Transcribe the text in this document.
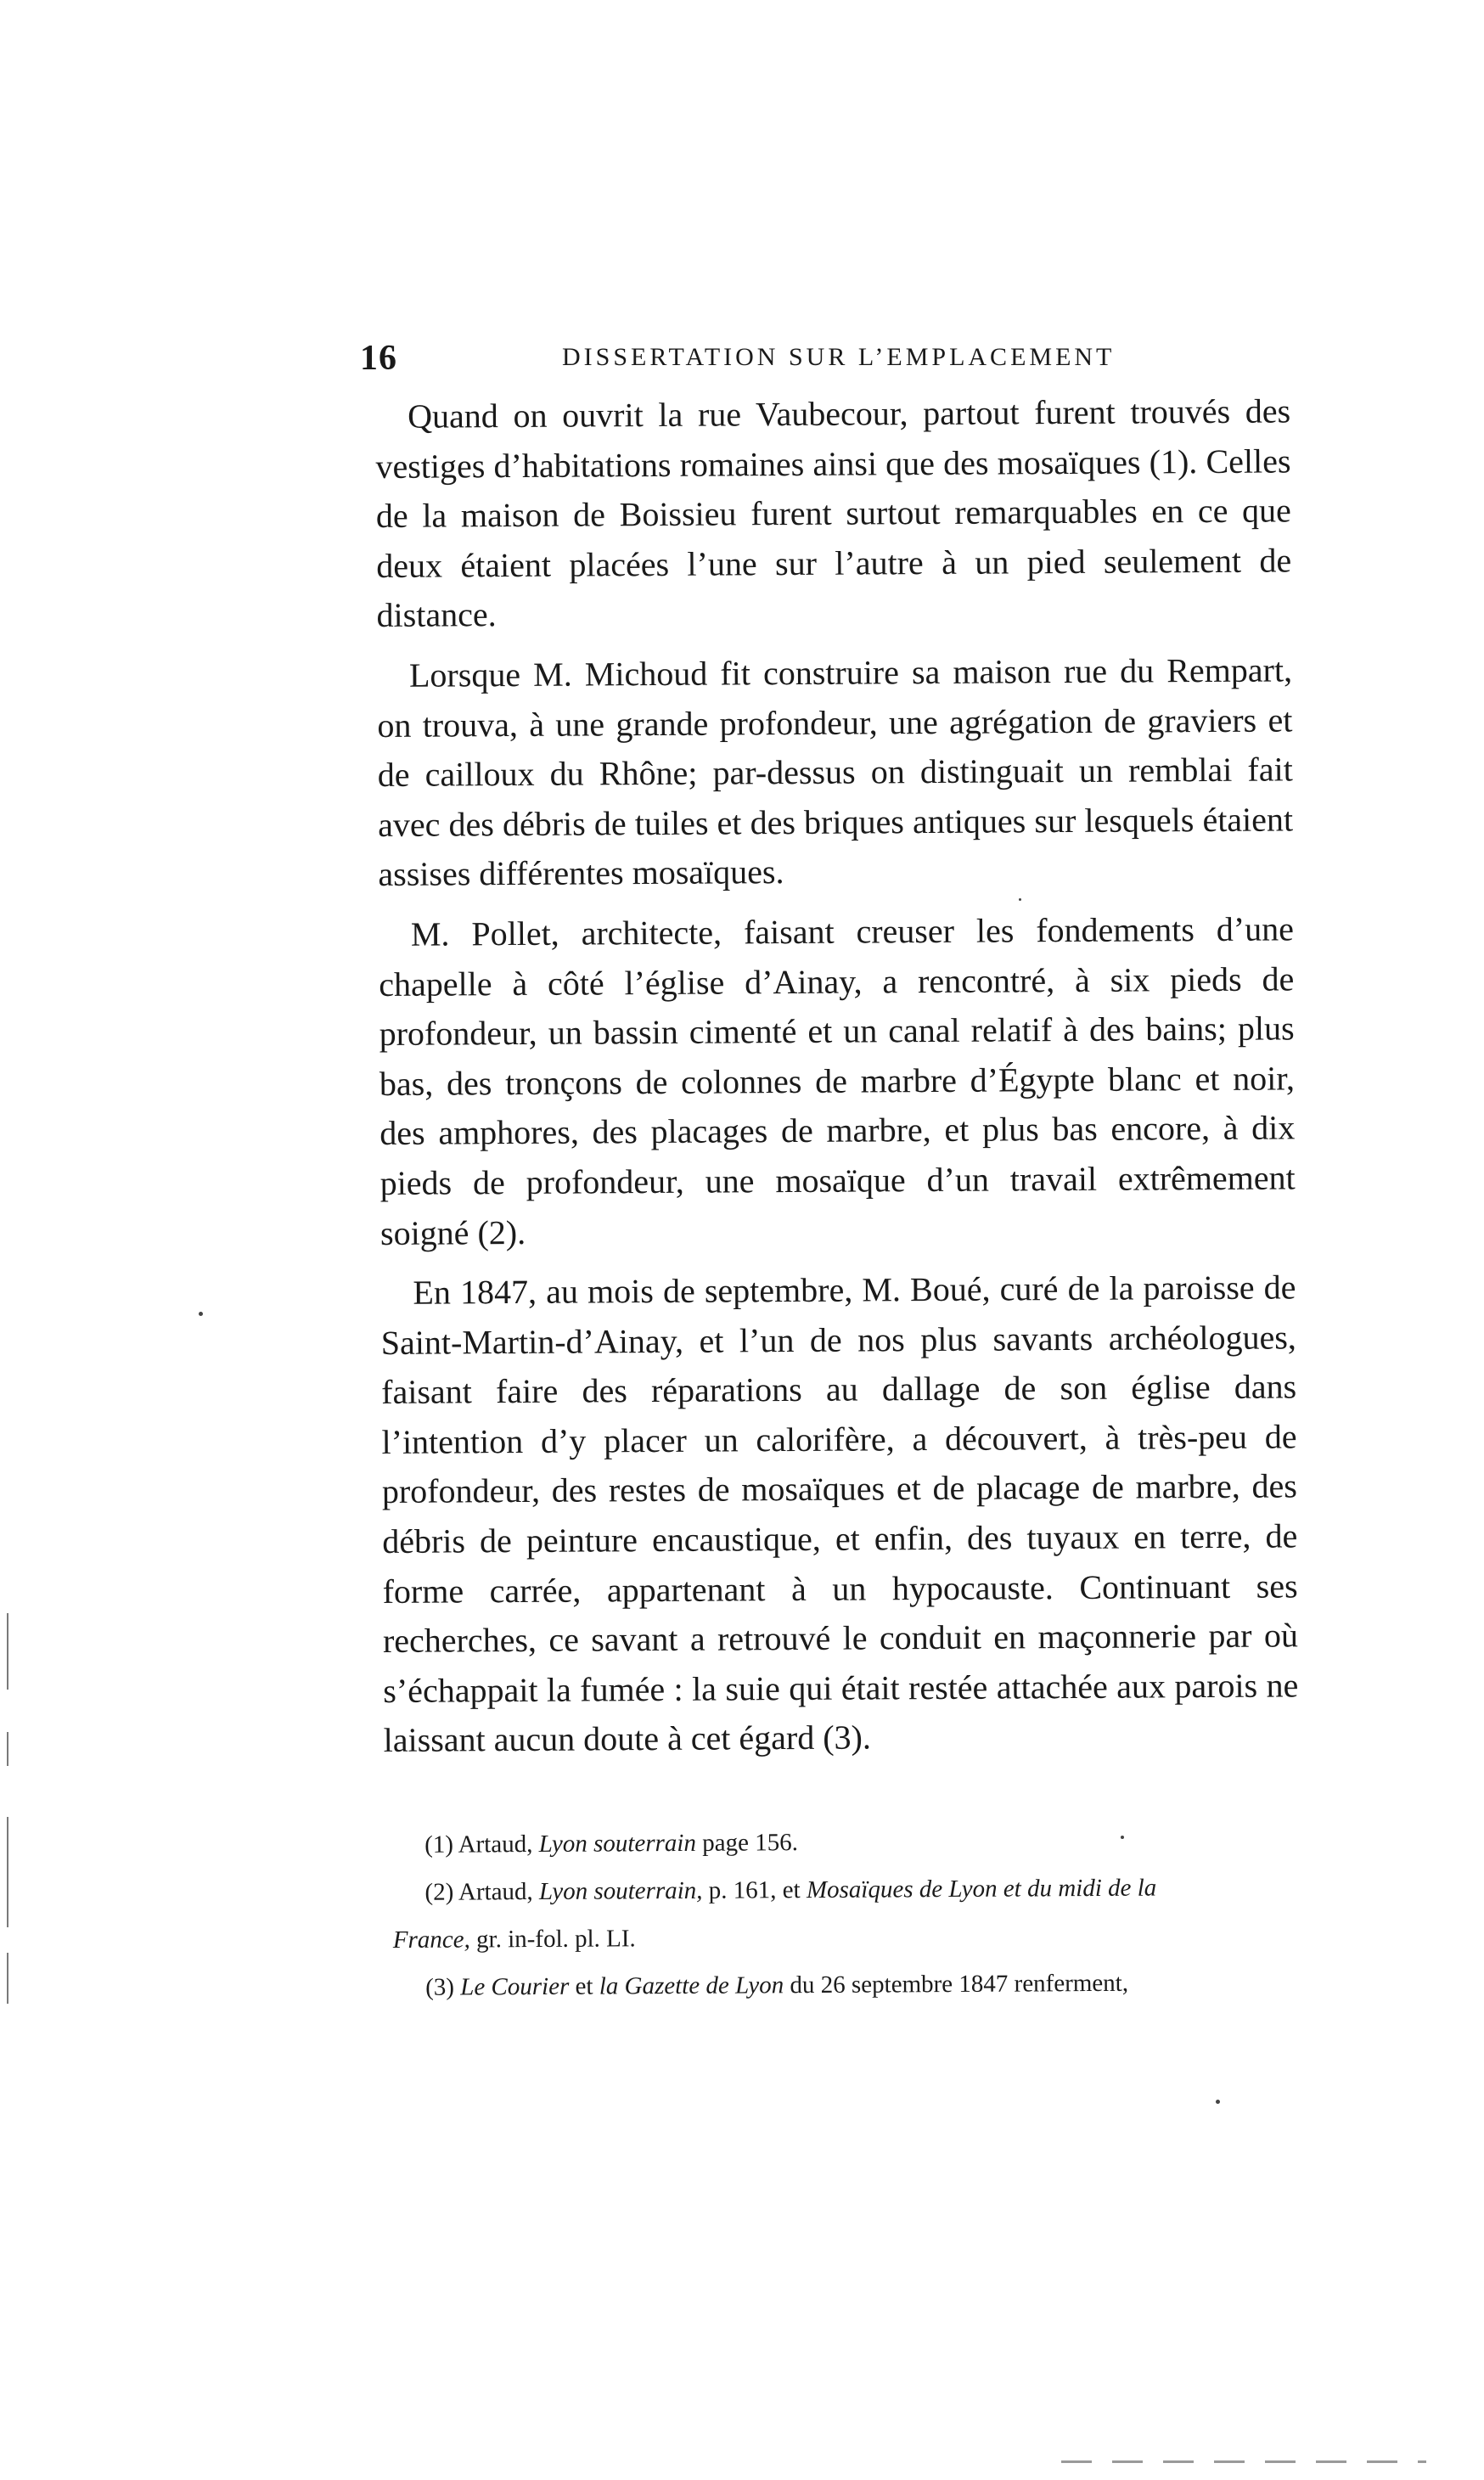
16	DISSERTATION SUR L’EMPLACEMENT

Quand on ouvrit la rue Vaubecour, partout furent trouvés des vestiges d’habitations romaines ainsi que des mosaïques (1). Celles de la maison de Boissieu furent surtout remarquables en ce que deux étaient placées l’une sur l’autre à un pied seulement de distance.

Lorsque M. Michoud fit construire sa maison rue du Rempart, on trouva, à une grande profondeur, une agrégation de graviers et de cailloux du Rhône; par-dessus on distinguait un remblai fait avec des débris de tuiles et des briques antiques sur lesquels étaient assises différentes mosaïques.

M. Pollet, architecte, faisant creuser les fondements d’une chapelle à côté l’église d’Ainay, a rencontré, à six pieds de profondeur, un bassin cimenté et un canal relatif à des bains; plus bas, des tronçons de colonnes de marbre d’Égypte blanc et noir, des amphores, des placages de marbre, et plus bas encore, à dix pieds de profondeur, une mosaïque d’un travail extrêmement soigné (2).

En 1847, au mois de septembre, M. Boué, curé de la paroisse de Saint-Martin-d’Ainay, et l’un de nos plus savants archéologues, faisant faire des réparations au dallage de son église dans l’intention d’y placer un calorifère, a découvert, à très-peu de profondeur, des restes de mosaïques et de placage de marbre, des débris de peinture encaustique, et enfin, des tuyaux en terre, de forme carrée, appartenant à un hypocauste. Continuant ses recherches, ce savant a retrouvé le conduit en maçonnerie par où s’échappait la fumée : la suie qui était restée attachée aux parois ne laissant aucun doute à cet égard (3).

(1) Artaud, Lyon souterrain page 156.

(2) Artaud, Lyon souterrain, p. 161, et Mosaïques de Lyon et du midi de la

France, gr. in-fol. pl. LI.

(3) Le Courier et la Gazette de Lyon du 26 septembre 1847 renferment,
